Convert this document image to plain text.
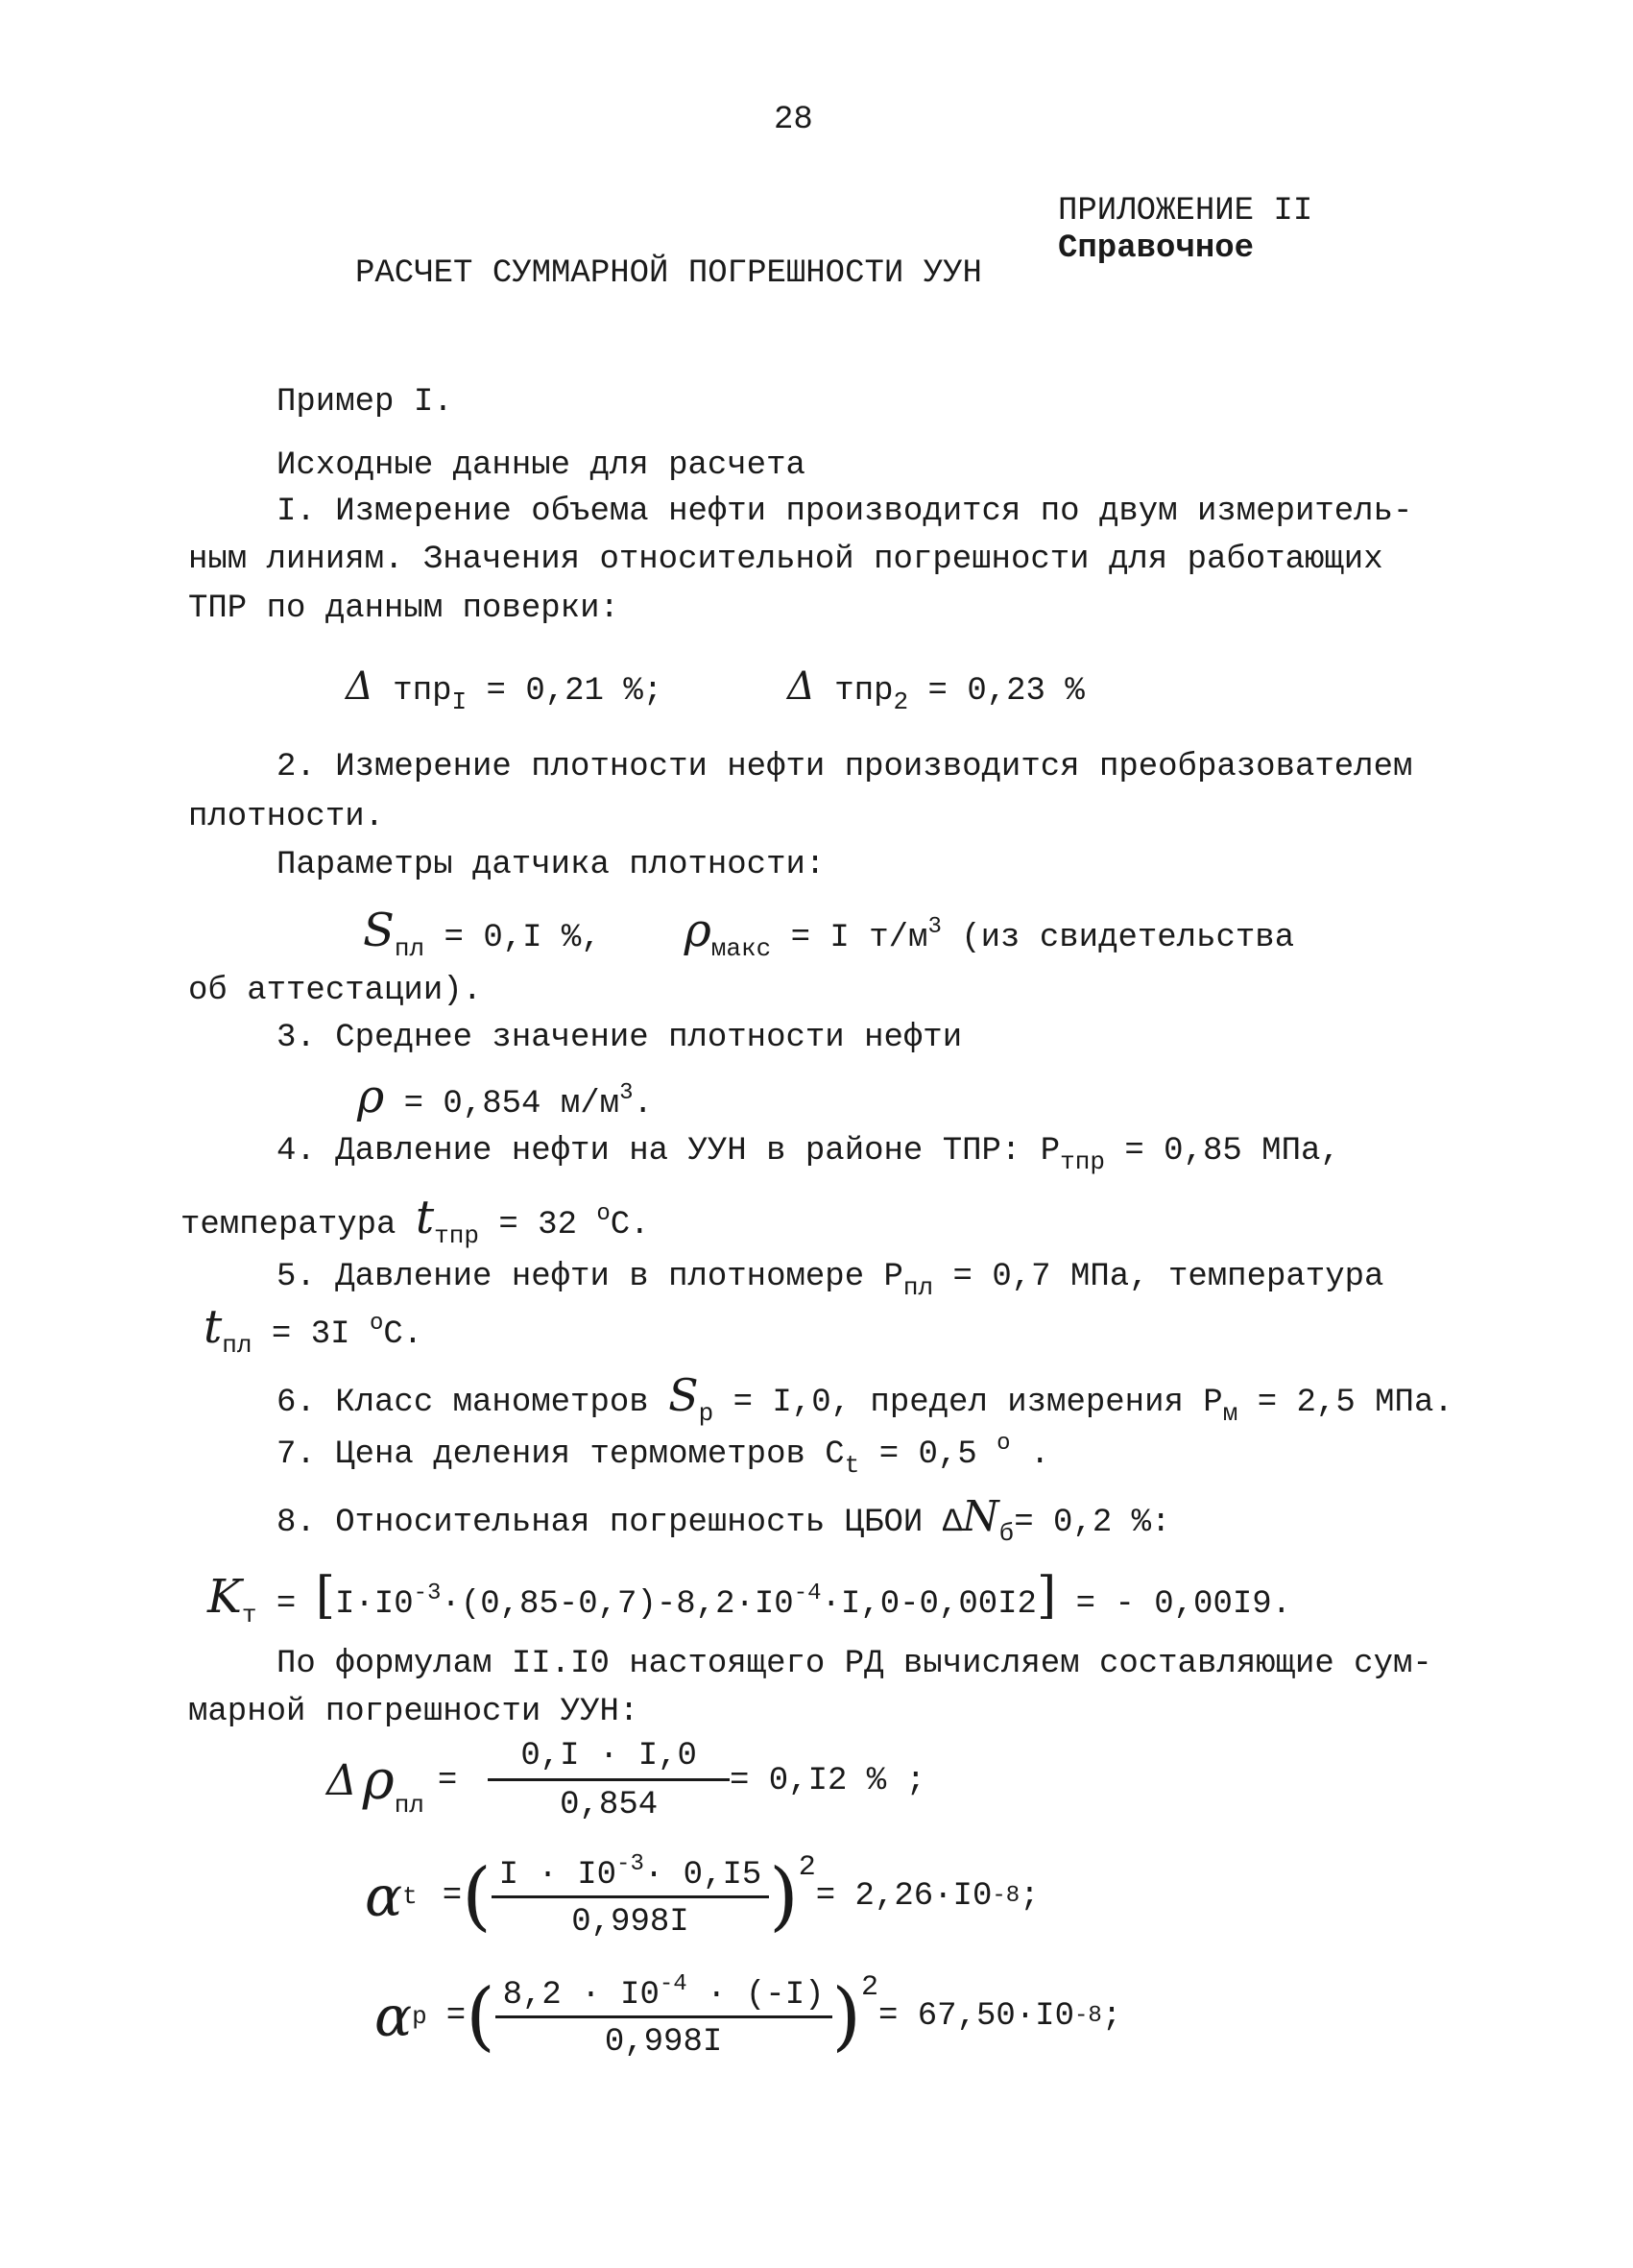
28
ПРИЛОЖЕНИЕ II
Справочное
РАСЧЕТ СУММАРНОЙ ПОГРЕШНОСТИ УУН
Пример I.
Исходные данные для расчета
I. Измерение объема нефти производится по двум измеритель-
ным линиям. Значения относительной погрешности для работающих
ТПР по данным поверки:
Δ тпр$_I$ = 0,21 %;	Δ тпр$_2$ = 0,23 %
2. Измерение плотности нефти производится преобразователем
плотности.
Параметры датчика плотности:
$S_{пл} = 0,I$ %, $\rho_{макс} = I$ $т/м^3$ (из свидетельства
об аттестации).
3. Среднее значение плотности нефти
ρ = 0,854 $м/м^3$.
4. Давление нефти на УУН в районе ТПР: $P_{тпр} = 0,85$ МПа,
температура $t_{тпр} = 32$ $^o$C.
5. Давление нефти в плотномере $P_{пл} = 0,7$ МПа, температура
$t_{пл} = 3I$ $^o$C.
6. Класс манометров $S_p = I,0$, предел измерения $P_м = 2,5$ МПа.
7. Цена деления термометров $C_t = 0,5$ $^o$ .
8. Относительная погрешность ЦБОИ $\Delta N_б= 0,2$ %:
$K_т = [I\cdot I0^{-3}\cdot(0,85-0,7)-8,2\cdot I0^{-4}\cdot I,0-0,00I2]$ = - 0,00I9.
По формулам II.I0 настоящего РД вычисляем составляющие сум-
марной погрешности УУН:
Δ ρ пл
= $\frac{0,I \cdot I,0}{0,854} = 0,I2$ % ;
α t = ( $\frac{I \cdot I0^{-3}\cdot 0,I5}{0,998I}$ ) 2
= 2,26·I0 -8 ;
α p = ( $\frac{8,2 \cdot I0^{-4} \cdot (-I)}{0,998I}$ ) 2
= 67,50·I0 -8 ;
